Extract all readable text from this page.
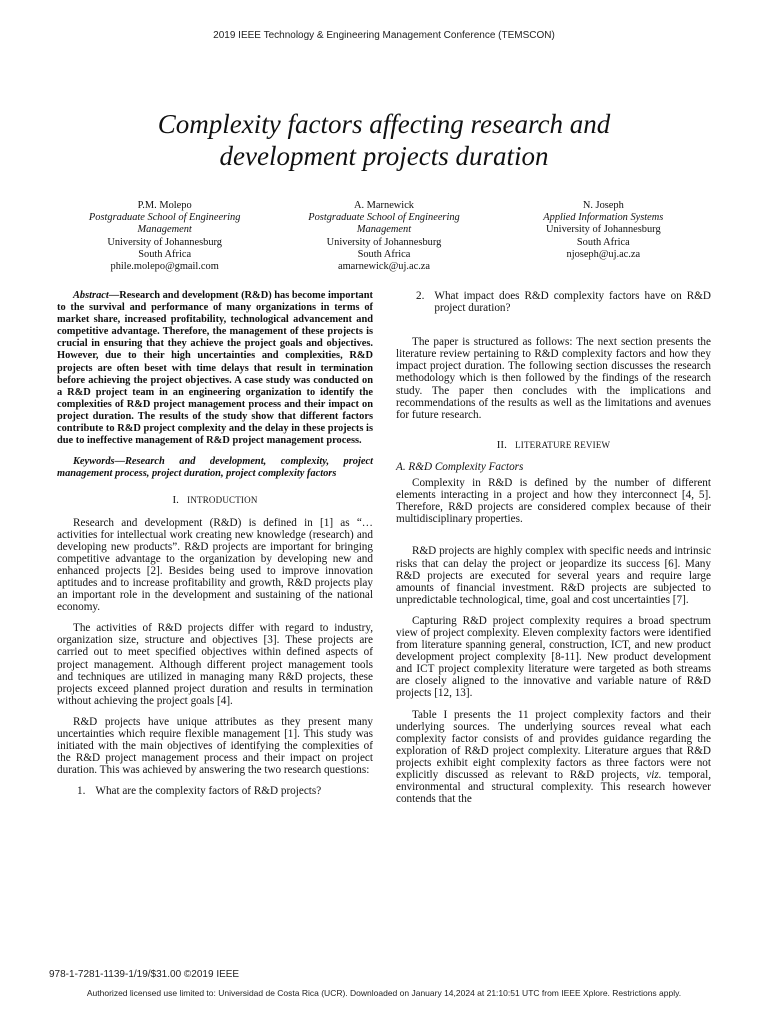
2019 IEEE Technology & Engineering Management Conference (TEMSCON)
Complexity factors affecting research and
development projects duration
P.M. Molepo
Postgraduate School of Engineering
Management
University of Johannesburg
South Africa
phile.molepo@gmail.com
A. Marnewick
Postgraduate School of Engineering
Management
University of Johannesburg
South Africa
amarnewick@uj.ac.za
N. Joseph
Applied Information Systems
University of Johannesburg
South Africa
njoseph@uj.ac.za

Abstract—Research and development (R&D) has become important to the survival and performance of many organizations in terms of market share, increased profitability, technological advancement and competitive advantage. Therefore, the management of these projects is crucial in ensuring that they achieve the project goals and objectives. However, due to their high uncertainties and complexities, R&D projects are often beset with time delays that result in termination before achieving the project objectives. A case study was conducted on a R&D project team in an engineering organization to identify the complexities of R&D project management process and their impact on project duration. The results of the study show that different factors contribute to R&D project complexity and the delay in these projects is due to ineffective management of R&D project management process.

Keywords—Research and development, complexity, project management process, project duration, project complexity factors

I. INTRODUCTION

Research and development (R&D) is defined in [1] as “…activities for intellectual work creating new knowledge (research) and developing new products”. R&D projects are important for bringing competitive advantage to the organization by developing new and enhanced projects [2]. Besides being used to improve innovation aptitudes and to increase profitability and growth, R&D projects play an important role in the development and sustaining of the national economy.

The activities of R&D projects differ with regard to industry, organization size, structure and objectives [3]. These projects are carried out to meet specified objectives within defined aspects of project management. Although different project management tools and techniques are utilized in managing many R&D projects, these projects exceed planned project duration and results in termination without achieving the project goals [4].

R&D projects have unique attributes as they present many uncertainties which require flexible management [1]. This study was initiated with the main objectives of identifying the complexities of the R&D project management process and their impact on project duration. This was achieved by answering the two research questions:

1. What are the complexity factors of R&D projects?
2. What impact does R&D complexity factors have on R&D project duration?

The paper is structured as follows: The next section presents the literature review pertaining to R&D complexity factors and how they impact project duration. The following section discusses the research methodology which is then followed by the findings of the research study. The paper then concludes with the implications and recommendations of the results as well as the limitations and avenues for future research.

II. LITERATURE REVIEW
A. R&D Complexity Factors

Complexity in R&D is defined by the number of different elements interacting in a project and how they interconnect [4, 5]. Therefore, R&D projects are considered complex because of their multidisciplinary properties.

R&D projects are highly complex with specific needs and intrinsic risks that can delay the project or jeopardize its success [6]. Many R&D projects are executed for several years and require large amounts of financial investment. R&D projects are subjected to unpredictable technological, time, goal and cost uncertainties [7].

Capturing R&D project complexity requires a broad spectrum view of project complexity. Eleven complexity factors were identified from literature spanning general, construction, ICT, and new product development project complexity [8-11]. New product development and ICT project complexity literature were targeted as both streams are closely aligned to the innovative and variable nature of R&D projects [12, 13].

Table I presents the 11 project complexity factors and their underlying sources. The underlying sources reveal what each complexity factor consists of and provides guidance regarding the exploration of R&D project complexity. Literature argues that R&D projects exhibit eight complexity factors as three factors were not explicitly discussed as relevant to R&D projects, viz. temporal, environmental and structural complexity. This research however contends that the

978-1-7281-1139-1/19/$31.00 ©2019 IEEE
Authorized licensed use limited to: Universidad de Costa Rica (UCR). Downloaded on January 14,2024 at 21:10:51 UTC from IEEE Xplore. Restrictions apply.
